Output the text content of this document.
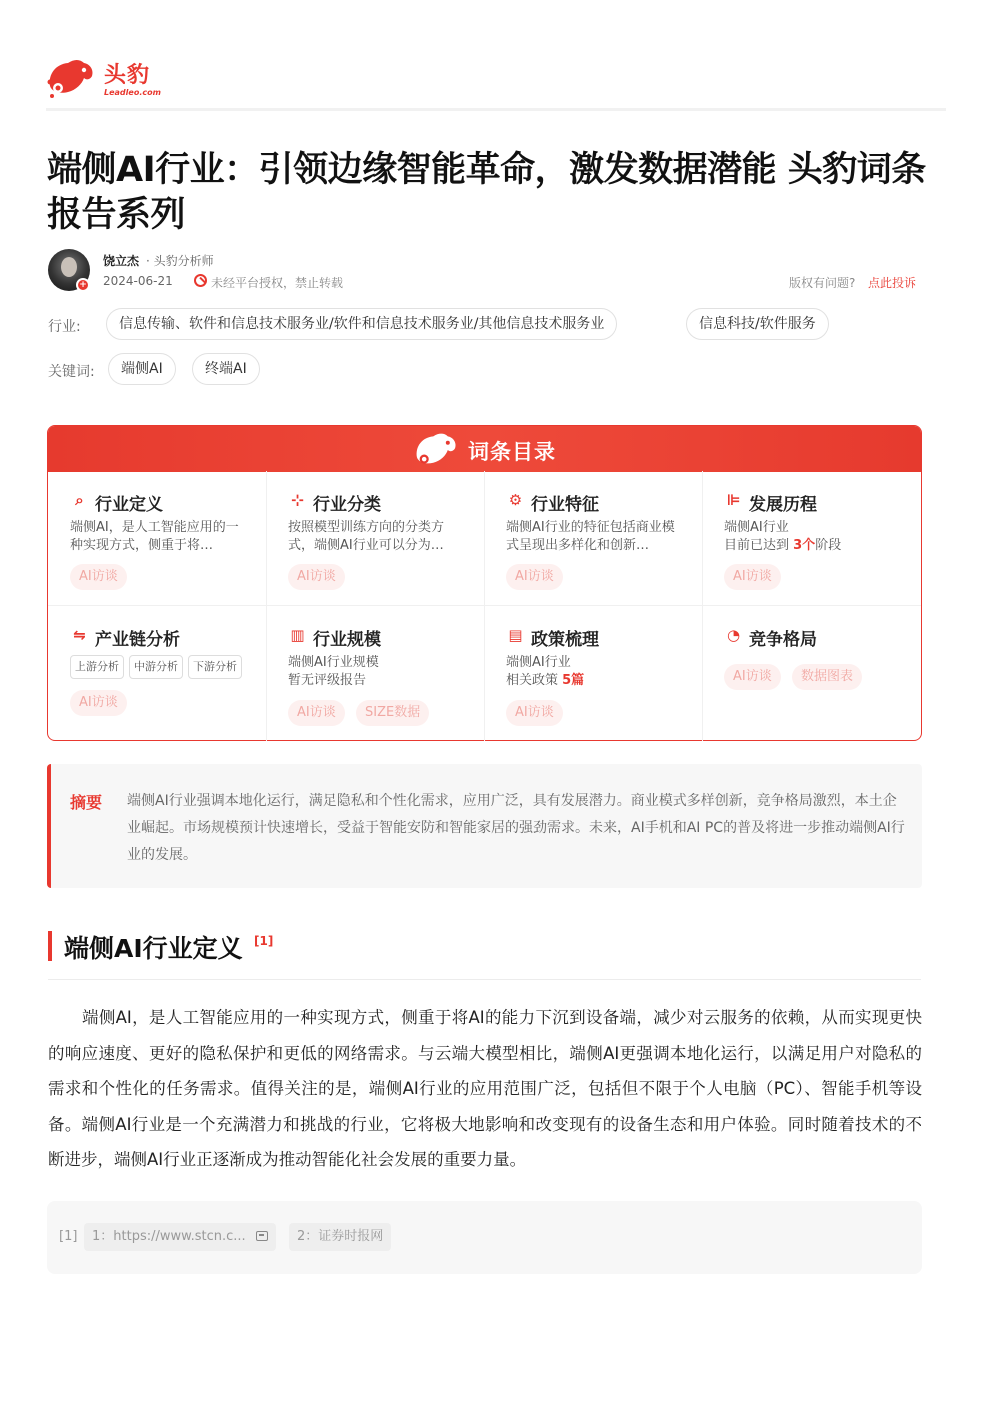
头豹
Leadleo.com
端侧AI行业：引领边缘智能革命，激发数据潜能 头豹词条报告系列
+
饶立杰 · 头豹分析师
2024-06-21	未经平台授权，禁止转载	版权有问题? 点此投诉
行业:	信息传输、软件和信息技术服务业/软件和信息技术服务业/其他信息技术服务业	信息科技/软件服务
关键词:	端侧AI	终端AI
词条目录
⌕ 行业定义
端侧AI，是人工智能应用的一种实现方式，侧重于将…
AI访谈
⊹ 行业分类
按照模型训练方向的分类方式，端侧AI行业可以分为…
AI访谈
⚙ 行业特征
端侧AI行业的特征包括商业模式呈现出多样化和创新…
AI访谈
⊫ 发展历程
端侧AI行业
目前已达到 3个阶段
AI访谈
⇋ 产业链分析
上游分析	中游分析	下游分析
AI访谈
▥ 行业规模
端侧AI行业规模
暂无评级报告
AI访谈	SIZE数据
▤ 政策梳理
端侧AI行业
相关政策 5篇
AI访谈
◔ 竞争格局
AI访谈	数据图表
摘要 端侧AI行业强调本地化运行，满足隐私和个性化需求，应用广泛，具有发展潜力。商业模式多样创新，竞争格局激烈，本土企业崛起。市场规模预计快速增长，受益于智能安防和智能家居的强劲需求。未来，AI手机和AI PC的普及将进一步推动端侧AI行业的发展。

端侧AI行业定义 [1]

端侧AI，是人工智能应用的一种实现方式，侧重于将AI的能力下沉到设备端，减少对云服务的依赖，从而实现更快的响应速度、更好的隐私保护和更低的网络需求。与云端大模型相比，端侧AI更强调本地化运行，以满足用户对隐私的需求和个性化的任务需求。值得关注的是，端侧AI行业的应用范围广泛，包括但不限于个人电脑（PC）、智能手机等设备。端侧AI行业是一个充满潜力和挑战的行业，它将极大地影响和改变现有的设备生态和用户体验。同时随着技术的不断进步，端侧AI行业正逐渐成为推动智能化社会发展的重要力量。

[1]	1：https://www.stcn.c...	2：证券时报网
